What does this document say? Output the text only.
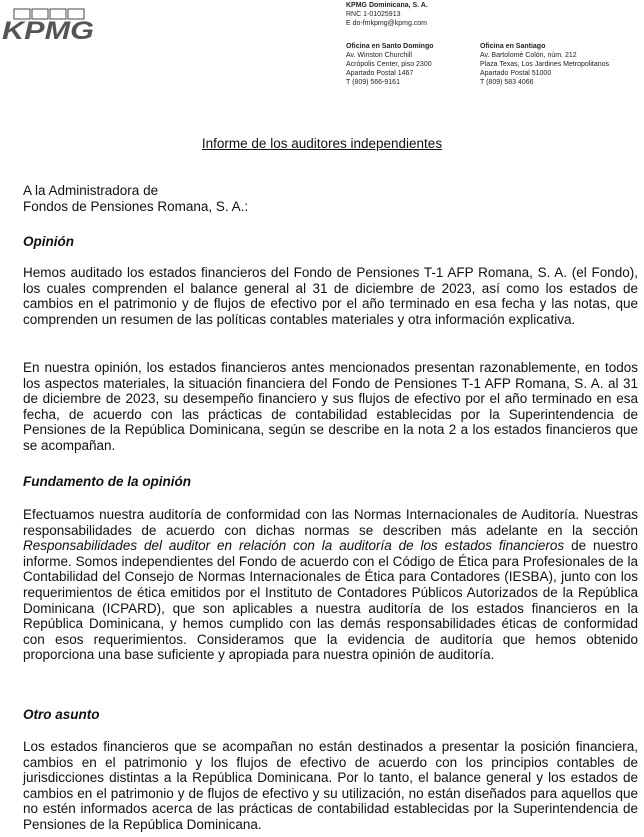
KPMG
KPMG Dominicana, S. A.
RNC 1-01025913
E do-fmkpmg@kpmg.com
Oficina en Santo Domingo
Av. Winston Churchill
Acrópolis Center, piso 2300
Apartado Postal 1467
T (809) 566-9161
Oficina en Santiago
Av. Bartolomé Colón, núm. 212
Plaza Texas, Los Jardines Metropolitanos
Apartado Postal 51000
T (809) 583 4066
Informe de los auditores independientes
A la Administradora de
Fondos de Pensiones Romana, S. A.:
Opinión
Hemos auditado los estados financieros del Fondo de Pensiones T-1 AFP Romana, S. A. (el Fondo), los cuales comprenden el balance general al 31 de diciembre de 2023, así como los estados de cambios en el patrimonio y de flujos de efectivo por el año terminado en esa fecha y las notas, que comprenden un resumen de las políticas contables materiales y otra información explicativa.
En nuestra opinión, los estados financieros antes mencionados presentan razonablemente, en todos los aspectos materiales, la situación financiera del Fondo de Pensiones T-1 AFP Romana, S. A. al 31 de diciembre de 2023, su desempeño financiero y sus flujos de efectivo por el año terminado en esa fecha, de acuerdo con las prácticas de contabilidad establecidas por la Superintendencia de Pensiones de la República Dominicana, según se describe en la nota 2 a los estados financieros que se acompañan.
Fundamento de la opinión
Efectuamos nuestra auditoría de conformidad con las Normas Internacionales de Auditoría. Nuestras responsabilidades de acuerdo con dichas normas se describen más adelante en la sección Responsabilidades del auditor en relación con la auditoría de los estados financieros de nuestro informe. Somos independientes del Fondo de acuerdo con el Código de Ética para Profesionales de la Contabilidad del Consejo de Normas Internacionales de Ética para Contadores (IESBA), junto con los requerimientos de ética emitidos por el Instituto de Contadores Públicos Autorizados de la República Dominicana (ICPARD), que son aplicables a nuestra auditoría de los estados financieros en la República Dominicana, y hemos cumplido con las demás responsabilidades éticas de conformidad con esos requerimientos. Consideramos que la evidencia de auditoría que hemos obtenido proporciona una base suficiente y apropiada para nuestra opinión de auditoría.
Otro asunto
Los estados financieros que se acompañan no están destinados a presentar la posición financiera, cambios en el patrimonio y los flujos de efectivo de acuerdo con los principios contables de jurisdicciones distintas a la República Dominicana. Por lo tanto, el balance general y los estados de cambios en el patrimonio y de flujos de efectivo y su utilización, no están diseñados para aquellos que no estén informados acerca de las prácticas de contabilidad establecidas por la Superintendencia de Pensiones de la República Dominicana.
